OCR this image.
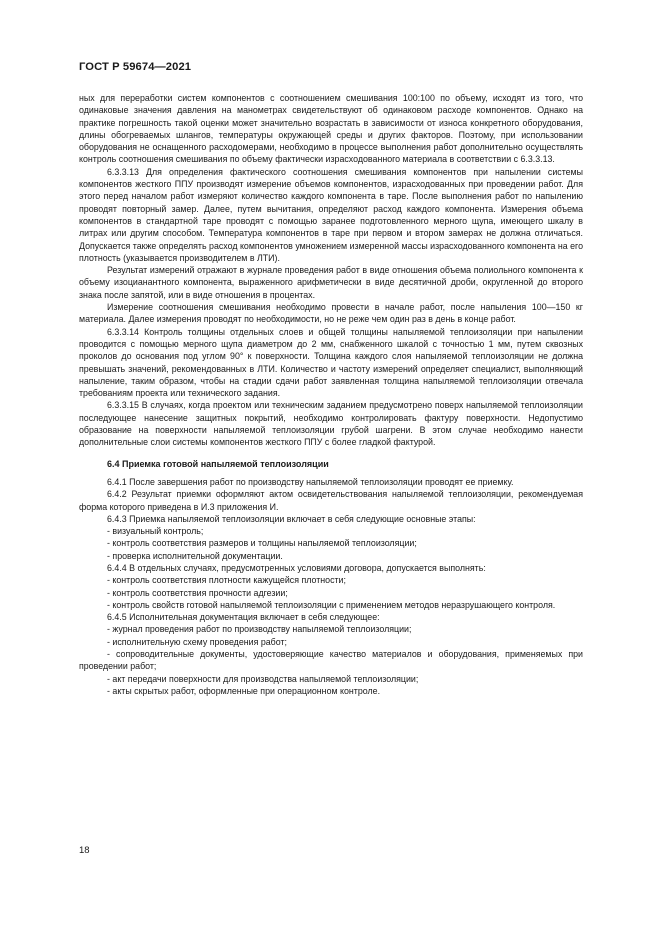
ГОСТ Р 59674—2021

ных для переработки систем компонентов с соотношением смешивания 100:100 по объему, исходят из того, что одинаковые значения давления на манометрах свидетельствуют об одинаковом расходе компонентов. Однако на практике погрешность такой оценки может значительно возрастать в зависимости от износа конкретного оборудования, длины обогреваемых шлангов, температуры окружающей среды и других факторов. Поэтому, при использовании оборудования не оснащенного расходомерами, необходимо в процессе выполнения работ дополнительно осуществлять контроль соотношения смешивания по объему фактически израсходованного материала в соответствии с 6.3.3.13.

6.3.3.13 Для определения фактического соотношения смешивания компонентов при напылении системы компонентов жесткого ППУ производят измерение объемов компонентов, израсходованных при проведении работ. Для этого перед началом работ измеряют количество каждого компонента в таре. После выполнения работ по напылению проводят повторный замер. Далее, путем вычитания, определяют расход каждого компонента. Измерения объема компонентов в стандартной таре проводят с помощью заранее подготовленного мерного щупа, имеющего шкалу в литрах или другим способом. Температура компонентов в таре при первом и втором замерах не должна отличаться. Допускается также определять расход компонентов умножением измеренной массы израсходованного компонента на его плотность (указывается производителем в ЛТИ).

Результат измерений отражают в журнале проведения работ в виде отношения объема полиольного компонента к объему изоцианантного компонента, выраженного арифметически в виде десятичной дроби, округленной до второго знака после запятой, или в виде отношения в процентах.

Измерение соотношения смешивания необходимо провести в начале работ, после напыления 100—150 кг материала. Далее измерения проводят по необходимости, но не реже чем один раз в день в конце работ.

6.3.3.14 Контроль толщины отдельных слоев и общей толщины напыляемой теплоизоляции при напылении проводится с помощью мерного щупа диаметром до 2 мм, снабженного шкалой с точностью 1 мм, путем сквозных проколов до основания под углом 90° к поверхности. Толщина каждого слоя напыляемой теплоизоляции не должна превышать значений, рекомендованных в ЛТИ. Количество и частоту измерений определяет специалист, выполняющий напыление, таким образом, чтобы на стадии сдачи работ заявленная толщина напыляемой теплоизоляции отвечала требованиям проекта или технического задания.

6.3.3.15 В случаях, когда проектом или техническим заданием предусмотрено поверх напыляемой теплоизоляции последующее нанесение защитных покрытий, необходимо контролировать фактуру поверхности. Недопустимо образование на поверхности напыляемой теплоизоляции грубой шагрени. В этом случае необходимо нанести дополнительные слои системы компонентов жесткого ППУ с более гладкой фактурой.

6.4 Приемка готовой напыляемой теплоизоляции

6.4.1 После завершения работ по производству напыляемой теплоизоляции проводят ее приемку.

6.4.2 Результат приемки оформляют актом освидетельствования напыляемой теплоизоляции, рекомендуемая форма которого приведена в И.3 приложения И.

6.4.3 Приемка напыляемой теплоизоляции включает в себя следующие основные этапы:

- визуальный контроль;

- контроль соответствия размеров и толщины напыляемой теплоизоляции;

- проверка исполнительной документации.

6.4.4 В отдельных случаях, предусмотренных условиями договора, допускается выполнять:

- контроль соответствия плотности кажущейся плотности;

- контроль соответствия прочности адгезии;

- контроль свойств готовой напыляемой теплоизоляции с применением методов неразрушающего контроля.

6.4.5 Исполнительная документация включает в себя следующее:

- журнал проведения работ по производству напыляемой теплоизоляции;

- исполнительную схему проведения работ;

- сопроводительные документы, удостоверяющие качество материалов и оборудования, применяемых при проведении работ;

- акт передачи поверхности для производства напыляемой теплоизоляции;

- акты скрытых работ, оформленные при операционном контроле.

18
